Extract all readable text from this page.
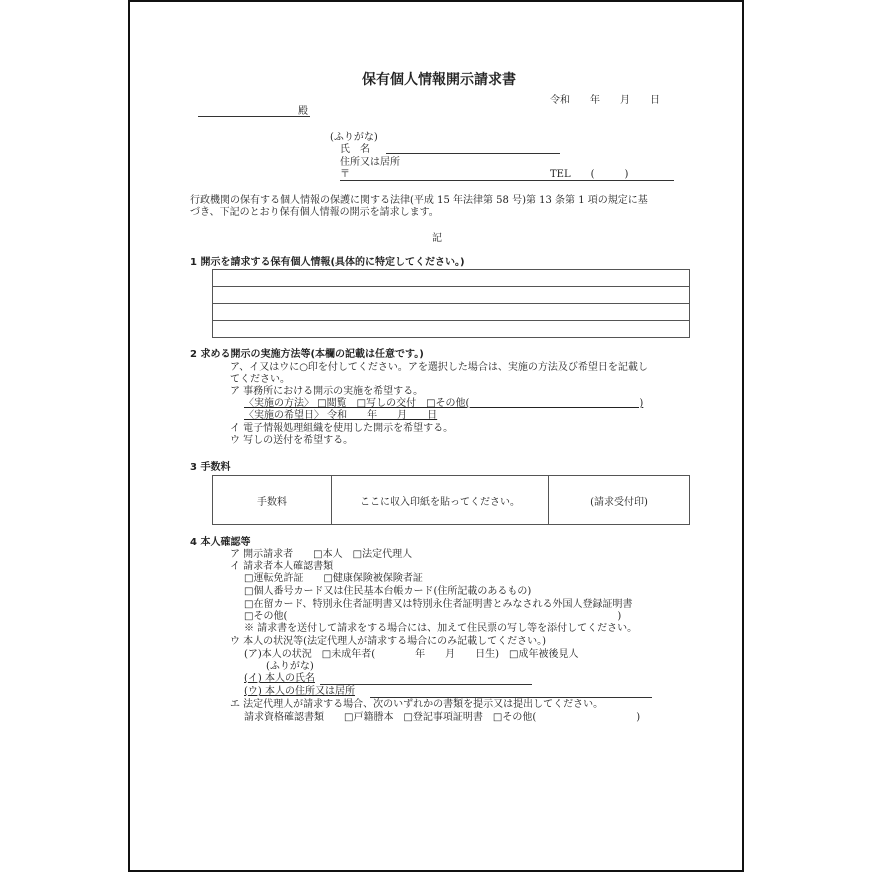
保有個人情報開示請求書
令和　　年　　月　　日
殿
(ふりがな)
氏　名
住所又は居所
〒	TEL　　(　　　)
行政機関の保有する個人情報の保護に関する法律(平成 15 年法律第 58 号)第 13 条第 1 項の規定に基
づき、下記のとおり保有個人情報の開示を請求します。
記
1 開示を請求する保有個人情報(具体的に特定してください。)

2 求める開示の実施方法等(本欄の記載は任意です。)
ア、イ又はウに○印を付してください。アを選択した場合は、実施の方法及び希望日を記載し
てください。
ア 事務所における開示の実施を希望する。
〈実施の方法〉 □閲覧　□写しの交付　□その他(　　　　　　　　　　　　　　　　　)
〈実施の希望日〉 令和　　年　　月　　日
イ 電子情報処理組織を使用した開示を希望する。
ウ 写しの送付を希望する。
3 手数料
手数料	ここに収入印紙を貼ってください。	(請求受付印)
4 本人確認等
ア 開示請求者　　□本人　□法定代理人
イ 請求者本人確認書類
□運転免許証　　□健康保険被保険者証
□個人番号カード又は住民基本台帳カード(住所記載のあるもの)
□在留カード、特別永住者証明書又は特別永住者証明書とみなされる外国人登録証明書
□その他(　　　　　　　　　　　　　　　　　　　　　　　　　　　　　　　　　)
※ 請求書を送付して請求をする場合には、加えて住民票の写し等を添付してください。
ウ 本人の状況等(法定代理人が請求する場合にのみ記載してください。)
(ア)本人の状況　□未成年者(　　　　年　　月　　日生)　□成年被後見人
(ふりがな)
(イ) 本人の氏名
(ウ) 本人の住所又は居所
エ 法定代理人が請求する場合、次のいずれかの書類を提示又は提出してください。
請求資格確認書類　　□戸籍謄本　□登記事項証明書　□その他(　　　　　　　　　　)
